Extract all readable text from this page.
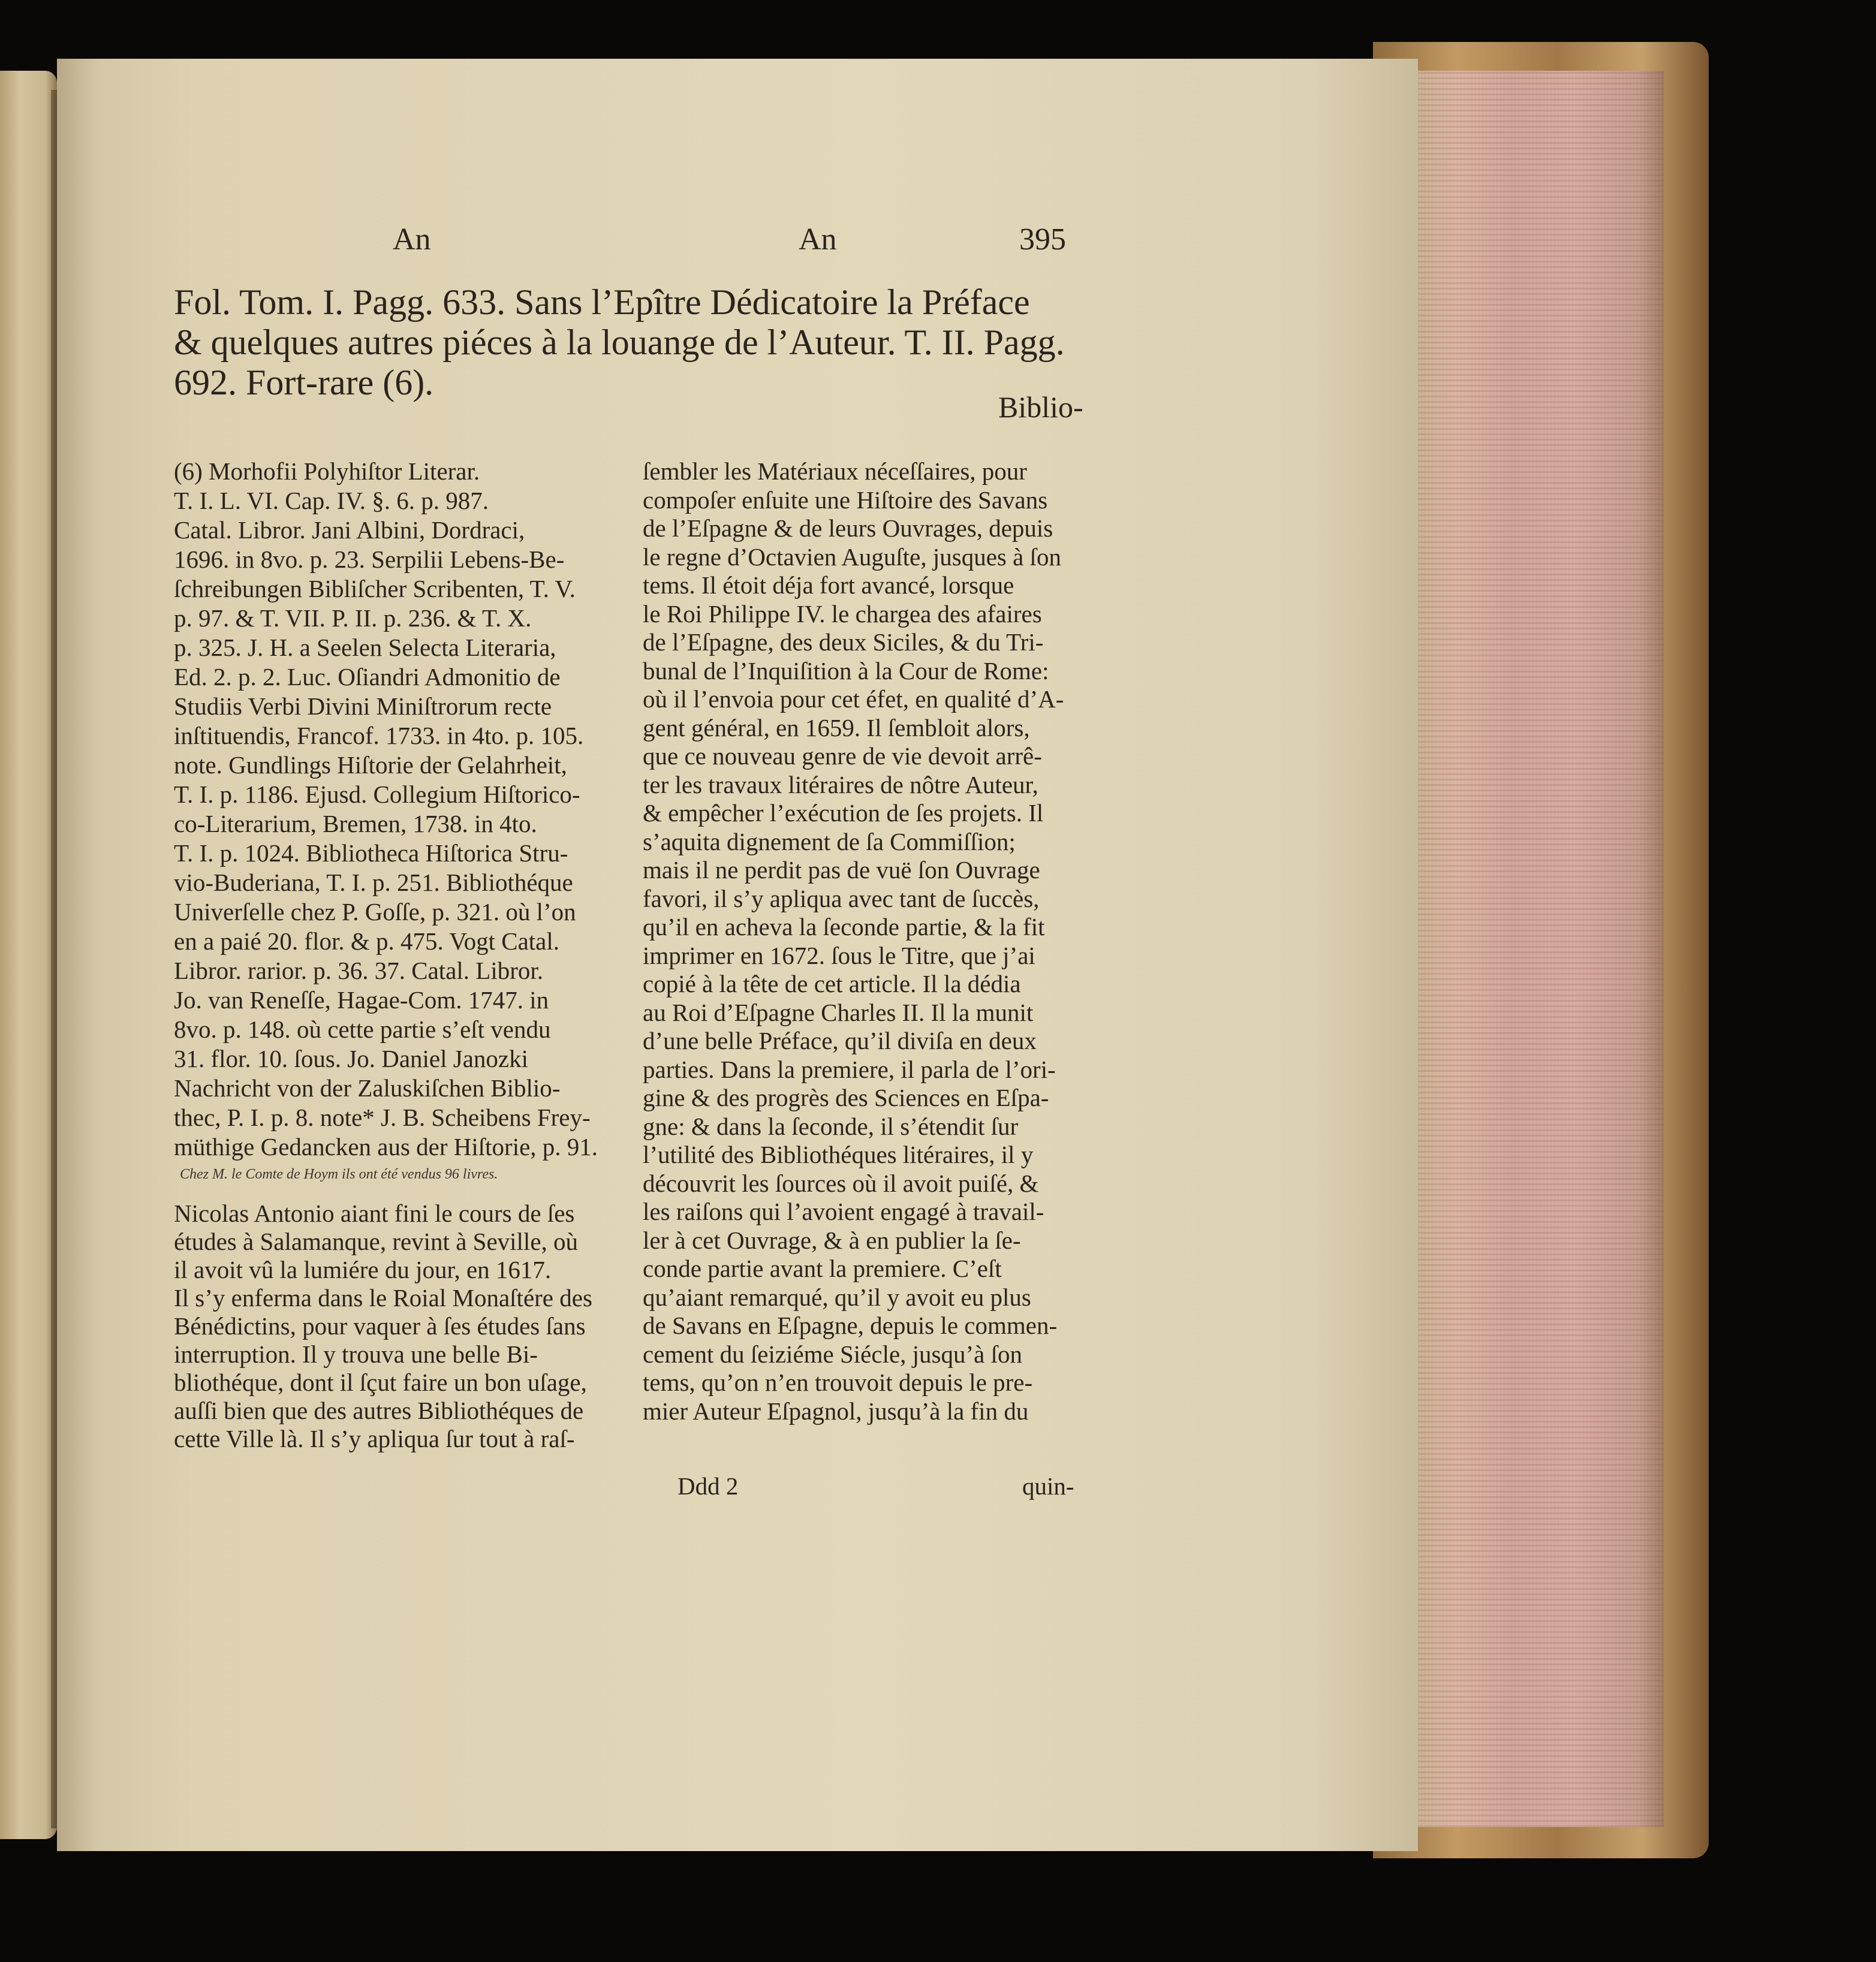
An	An	395
Fol. Tom. I. Pagg. 633. Sans l’Epître Dédicatoire la Préface
& quelques autres piéces à la louange de l’Auteur. T. II. Pagg.
692. Fort-rare (6).
Biblio-
(6) Morhofii Polyhiſtor Literar.
T. I. L. VI. Cap. IV. §. 6. p. 987.
Catal. Libror. Jani Albini, Dordraci,
1696. in 8vo. p. 23. Serpilii Lebens-Be-
ſchreibungen Bibliſcher Scribenten, T. V.
p. 97. & T. VII. P. II. p. 236. & T. X.
p. 325. J. H. a Seelen Selecta Literaria,
Ed. 2. p. 2. Luc. Oſiandri Admonitio de
Studiis Verbi Divini Miniſtrorum recte
inſtituendis, Francof. 1733. in 4to. p. 105.
note. Gundlings Hiſtorie der Gelahrheit,
T. I. p. 1186. Ejusd. Collegium Hiſtorico-
co-Literarium, Bremen, 1738. in 4to.
T. I. p. 1024. Bibliotheca Hiſtorica Stru-
vio-Buderiana, T. I. p. 251. Bibliothéque
Univerſelle chez P. Goſſe, p. 321. où l’on
en a paié 20. flor. & p. 475. Vogt Catal.
Libror. rarior. p. 36. 37. Catal. Libror.
Jo. van Reneſſe, Hagae-Com. 1747. in
8vo. p. 148. où cette partie s’eſt vendu
31. flor. 10. ſous. Jo. Daniel Janozki
Nachricht von der Zaluskiſchen Biblio-
thec, P. I. p. 8. note* J. B. Scheibens Frey-
müthige Gedancken aus der Hiſtorie, p. 91.
Chez M. le Comte de Hoym ils ont été vendus 96 livres.
Nicolas Antonio aiant fini le cours de ſes
études à Salamanque, revint à Seville, où
il avoit vû la lumiére du jour, en 1617.
Il s’y enferma dans le Roial Monaſtére des
Bénédictins, pour vaquer à ſes études ſans
interruption. Il y trouva une belle Bi-
bliothéque, dont il ſçut faire un bon uſage,
auſſi bien que des autres Bibliothéques de
cette Ville là. Il s’y apliqua ſur tout à raſ-
ſembler les Matériaux néceſſaires, pour
compoſer enſuite une Hiſtoire des Savans
de l’Eſpagne & de leurs Ouvrages, depuis
le regne d’Octavien Auguſte, jusques à ſon
tems. Il étoit déja fort avancé, lorsque
le Roi Philippe IV. le chargea des afaires
de l’Eſpagne, des deux Siciles, & du Tri-
bunal de l’Inquiſition à la Cour de Rome:
où il l’envoia pour cet éfet, en qualité d’A-
gent général, en 1659. Il ſembloit alors,
que ce nouveau genre de vie devoit arrê-
ter les travaux litéraires de nôtre Auteur,
& empêcher l’exécution de ſes projets. Il
s’aquita dignement de ſa Commiſſion;
mais il ne perdit pas de vuë ſon Ouvrage
favori, il s’y apliqua avec tant de ſuccès,
qu’il en acheva la ſeconde partie, & la fit
imprimer en 1672. ſous le Titre, que j’ai
copié à la tête de cet article. Il la dédia
au Roi d’Eſpagne Charles II. Il la munit
d’une belle Préface, qu’il diviſa en deux
parties. Dans la premiere, il parla de l’ori-
gine & des progrès des Sciences en Eſpa-
gne: & dans la ſeconde, il s’étendit ſur
l’utilité des Bibliothéques litéraires, il y
découvrit les ſources où il avoit puiſé, &
les raiſons qui l’avoient engagé à travail-
ler à cet Ouvrage, & à en publier la ſe-
conde partie avant la premiere. C’eſt
qu’aiant remarqué, qu’il y avoit eu plus
de Savans en Eſpagne, depuis le commen-
cement du ſeiziéme Siécle, jusqu’à ſon
tems, qu’on n’en trouvoit depuis le pre-
mier Auteur Eſpagnol, jusqu’à la fin du
Ddd 2	quin-
